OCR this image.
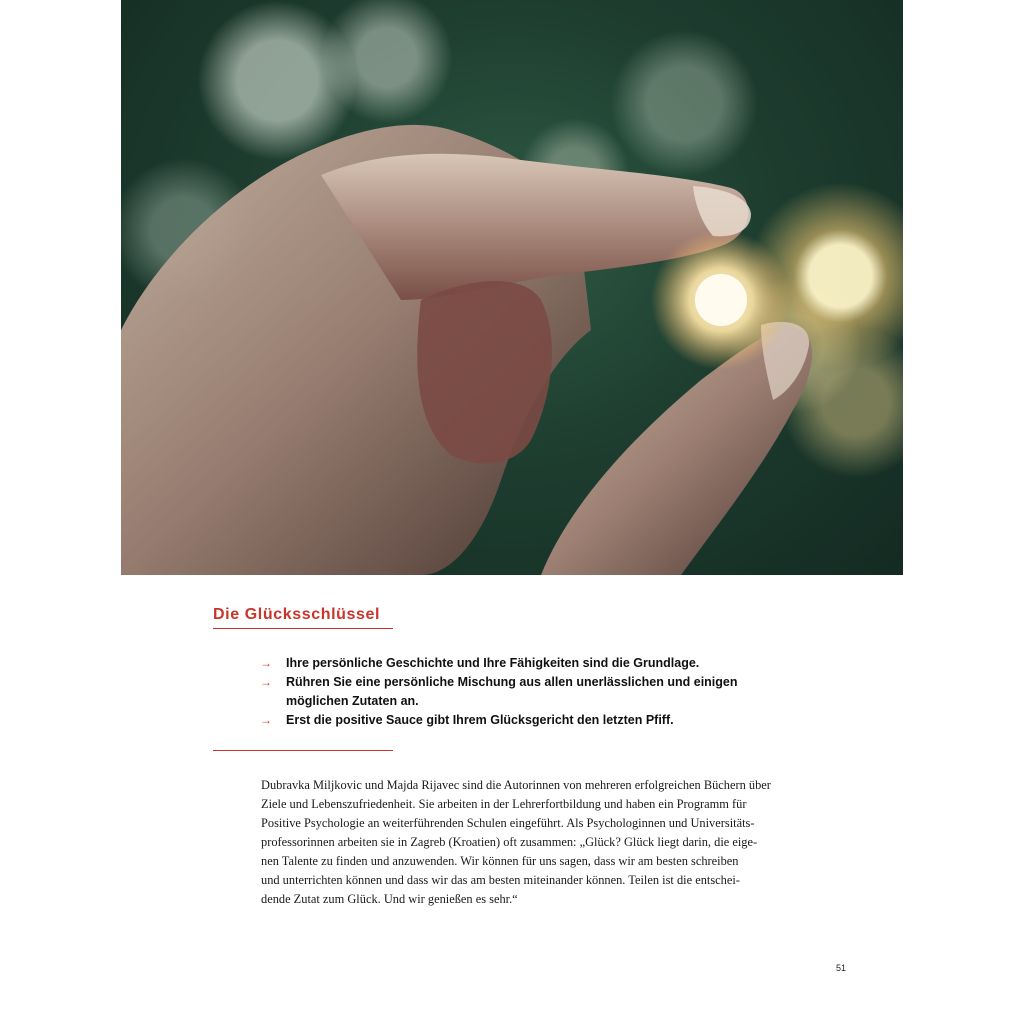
Die Glücksschlüssel
→ Ihre persönliche Geschichte und Ihre Fähigkeiten sind die Grundlage.
→ Rühren Sie eine persönliche Mischung aus allen unerlässlichen und einigen
möglichen Zutaten an.
→ Erst die positive Sauce gibt Ihrem Glücksgericht den letzten Pfiff.

Dubravka Miljkovic und Majda Rijavec sind die Autorinnen von mehreren erfolgreichen Büchern über

Ziele und Lebenszufriedenheit. Sie arbeiten in der Lehrerfortbildung und haben ein Programm für

Positive Psychologie an weiterführenden Schulen eingeführt. Als Psychologinnen und Universitäts-

professorinnen arbeiten sie in Zagreb (Kroatien) oft zusammen: „Glück? Glück liegt darin, die eige-

nen Talente zu finden und anzuwenden. Wir können für uns sagen, dass wir am besten schreiben

und unterrichten können und dass wir das am besten miteinander können. Teilen ist die entschei-

dende Zutat zum Glück. Und wir genießen es sehr.“

51
